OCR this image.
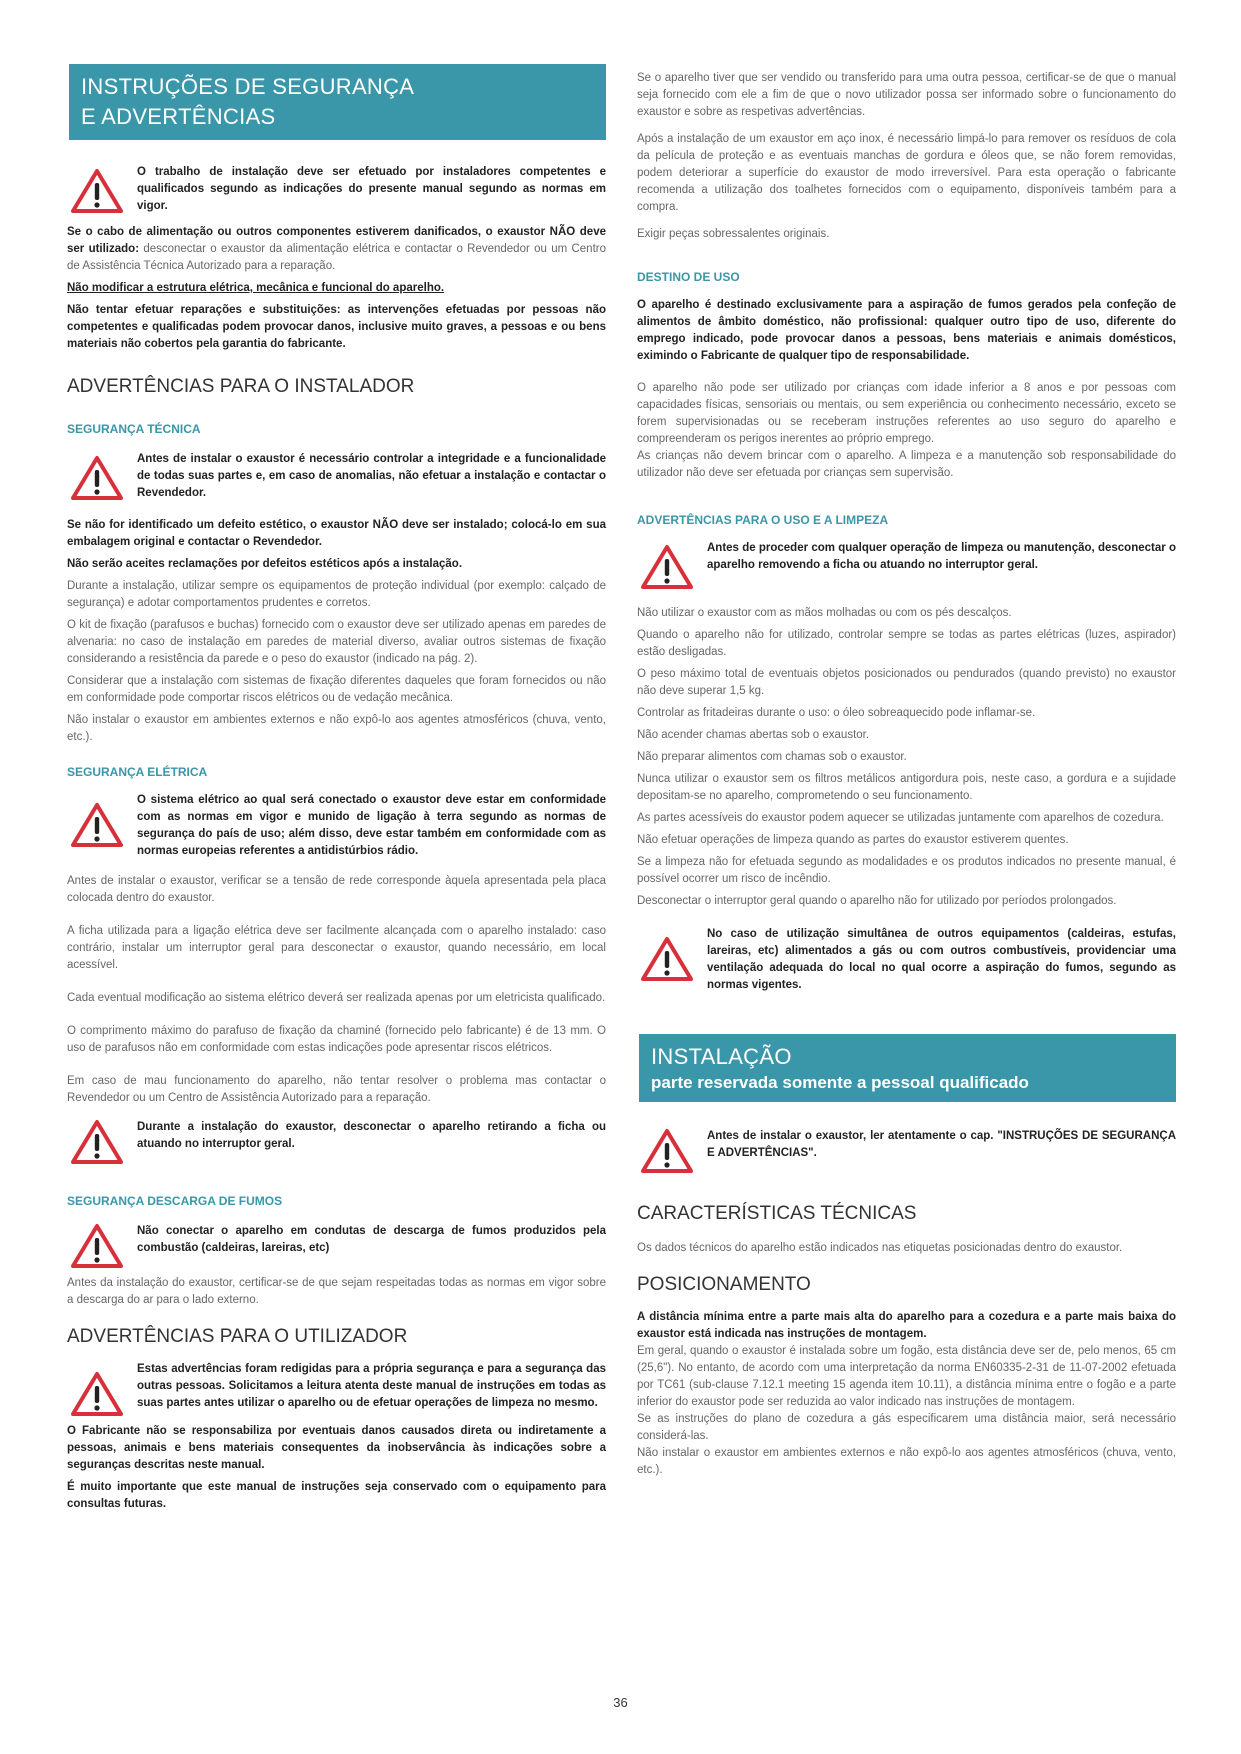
INSTRUÇÕES DE SEGURANÇA
E ADVERTÊNCIAS

O trabalho de instalação deve ser efetuado por instaladores competentes e qualificados segundo as indicações do presente manual segundo as normas em vigor.

Se o cabo de alimentação ou outros componentes estiverem danificados, o exaustor NÃO deve ser utilizado: desconectar o exaustor da alimentação elétrica e contactar o Revendedor ou um Centro de Assistência Técnica Autorizado para a reparação.

Não modificar a estrutura elétrica, mecânica e funcional do aparelho.

Não tentar efetuar reparações e substituições: as intervenções efetuadas por pessoas não competentes e qualificadas podem provocar danos, inclusive muito graves, a pessoas e ou bens materiais não cobertos pela garantia do fabricante.

ADVERTÊNCIAS PARA O INSTALADOR
SEGURANÇA TÉCNICA

Antes de instalar o exaustor é necessário controlar a integridade e a funcionalidade de todas suas partes e, em caso de anomalias, não efetuar a instalação e contactar o Revendedor.

Se não for identificado um defeito estético, o exaustor NÃO deve ser instalado; colocá-lo em sua embalagem original e contactar o Revendedor.

Não serão aceites reclamações por defeitos estéticos após a instalação.

Durante a instalação, utilizar sempre os equipamentos de proteção individual (por exemplo: calçado de segurança) e adotar comportamentos prudentes e corretos.

O kit de fixação (parafusos e buchas) fornecido com o exaustor deve ser utilizado apenas em paredes de alvenaria: no caso de instalação em paredes de material diverso, avaliar outros sistemas de fixação considerando a resistência da parede e o peso do exaustor (indicado na pág. 2).

Considerar que a instalação com sistemas de fixação diferentes daqueles que foram fornecidos ou não em conformidade pode comportar riscos elétricos ou de vedação mecânica.

Não instalar o exaustor em ambientes externos e não expô-lo aos agentes atmosféricos (chuva, vento, etc.).

SEGURANÇA ELÉTRICA

O sistema elétrico ao qual será conectado o exaustor deve estar em conformidade com as normas em vigor e munido de ligação à terra segundo as normas de segurança do país de uso; além disso, deve estar também em conformidade com as normas europeias referentes a antidistúrbios rádio.

Antes de instalar o exaustor, verificar se a tensão de rede corresponde àquela apresentada pela placa colocada dentro do exaustor.

A ficha utilizada para a ligação elétrica deve ser facilmente alcançada com o aparelho instalado: caso contrário, instalar um interruptor geral para desconectar o exaustor, quando necessário, em local acessível.

Cada eventual modificação ao sistema elétrico deverá ser realizada apenas por um eletricista qualificado.

O comprimento máximo do parafuso de fixação da chaminé (fornecido pelo fabricante) é de 13 mm. O uso de parafusos não em conformidade com estas indicações pode apresentar riscos elétricos.

Em caso de mau funcionamento do aparelho, não tentar resolver o problema mas contactar o Revendedor ou um Centro de Assistência Autorizado para a reparação.

Durante a instalação do exaustor, desconectar o aparelho retirando a ficha ou atuando no interruptor geral.

SEGURANÇA DESCARGA DE FUMOS

Não conectar o aparelho em condutas de descarga de fumos produzidos pela combustão (caldeiras, lareiras, etc)

Antes da instalação do exaustor, certificar-se de que sejam respeitadas todas as normas em vigor sobre a descarga do ar para o lado externo.

ADVERTÊNCIAS PARA O UTILIZADOR

Estas advertências foram redigidas para a própria segurança e para a segurança das outras pessoas. Solicitamos a leitura atenta deste manual de instruções em todas as suas partes antes utilizar o aparelho ou de efetuar operações de limpeza no mesmo.

O Fabricante não se responsabiliza por eventuais danos causados direta ou indiretamente a pessoas, animais e bens materiais consequentes da inobservância às indicações sobre a seguranças descritas neste manual.

É muito importante que este manual de instruções seja conservado com o equipamento para consultas futuras.

Se o aparelho tiver que ser vendido ou transferido para uma outra pessoa, certificar-se de que o manual seja fornecido com ele a fim de que o novo utilizador possa ser informado sobre o funcionamento do exaustor e sobre as respetivas advertências.

Após a instalação de um exaustor em aço inox, é necessário limpá-lo para remover os resíduos de cola da película de proteção e as eventuais manchas de gordura e óleos que, se não forem removidas, podem deteriorar a superfície do exaustor de modo irreversível. Para esta operação o fabricante recomenda a utilização dos toalhetes fornecidos com o equipamento, disponíveis também para a compra.

Exigir peças sobressalentes originais.

DESTINO DE USO

O aparelho é destinado exclusivamente para a aspiração de fumos gerados pela confeção de alimentos de âmbito doméstico, não profissional: qualquer outro tipo de uso, diferente do emprego indicado, pode provocar danos a pessoas, bens materiais e animais domésticos, eximindo o Fabricante de qualquer tipo de responsabilidade.

O aparelho não pode ser utilizado por crianças com idade inferior a 8 anos e por pessoas com capacidades físicas, sensoriais ou mentais, ou sem experiência ou conhecimento necessário, exceto se forem supervisionadas ou se receberam instruções referentes ao uso seguro do aparelho e compreenderam os perigos inerentes ao próprio emprego.
As crianças não devem brincar com o aparelho. A limpeza e a manutenção sob responsabilidade do utilizador não deve ser efetuada por crianças sem supervisão.

ADVERTÊNCIAS PARA O USO E A LIMPEZA

Antes de proceder com qualquer operação de limpeza ou manutenção, desconectar o aparelho removendo a ficha ou atuando no interruptor geral.

Não utilizar o exaustor com as mãos molhadas ou com os pés descalços.

Quando o aparelho não for utilizado, controlar sempre se todas as partes elétricas (luzes, aspirador) estão desligadas.

O peso máximo total de eventuais objetos posicionados ou pendurados (quando previsto) no exaustor não deve superar 1,5 kg.

Controlar as fritadeiras durante o uso: o óleo sobreaquecido pode inflamar-se.

Não acender chamas abertas sob o exaustor.

Não preparar alimentos com chamas sob o exaustor.

Nunca utilizar o exaustor sem os filtros metálicos antigordura pois, neste caso, a gordura e a sujidade depositam-se no aparelho, comprometendo o seu funcionamento.

As partes acessíveis do exaustor podem aquecer se utilizadas juntamente com aparelhos de cozedura.

Não efetuar operações de limpeza quando as partes do exaustor estiverem quentes.

Se a limpeza não for efetuada segundo as modalidades e os produtos indicados no presente manual, é possível ocorrer um risco de incêndio.

Desconectar o interruptor geral quando o aparelho não for utilizado por períodos prolongados.

No caso de utilização simultânea de outros equipamentos (caldeiras, estufas, lareiras, etc) alimentados a gás ou com outros combustíveis, providenciar uma ventilação adequada do local no qual ocorre a aspiração do fumos, segundo as normas vigentes.

INSTALAÇÃO
parte reservada somente a pessoal qualificado

Antes de instalar o exaustor, ler atentamente o cap. "INSTRUÇÕES DE SEGURANÇA E ADVERTÊNCIAS".

CARACTERÍSTICAS TÉCNICAS

Os dados técnicos do aparelho estão indicados nas etiquetas posicionadas dentro do exaustor.

POSICIONAMENTO

A distância mínima entre a parte mais alta do aparelho para a cozedura e a parte mais baixa do exaustor está indicada nas instruções de montagem.

Em geral, quando o exaustor é instalada sobre um fogão, esta distância deve ser de, pelo menos, 65 cm (25,6"). No entanto, de acordo com uma interpretação da norma EN60335-2-31 de 11-07-2002 efetuada por TC61 (sub-clause 7.12.1 meeting 15 agenda item 10.11), a distância mínima entre o fogão e a parte inferior do exaustor pode ser reduzida ao valor indicado nas instruções de montagem.
Se as instruções do plano de cozedura a gás especificarem uma distância maior, será necessário considerá-las.
Não instalar o exaustor em ambientes externos e não expô-lo aos agentes atmosféricos (chuva, vento, etc.).

36
